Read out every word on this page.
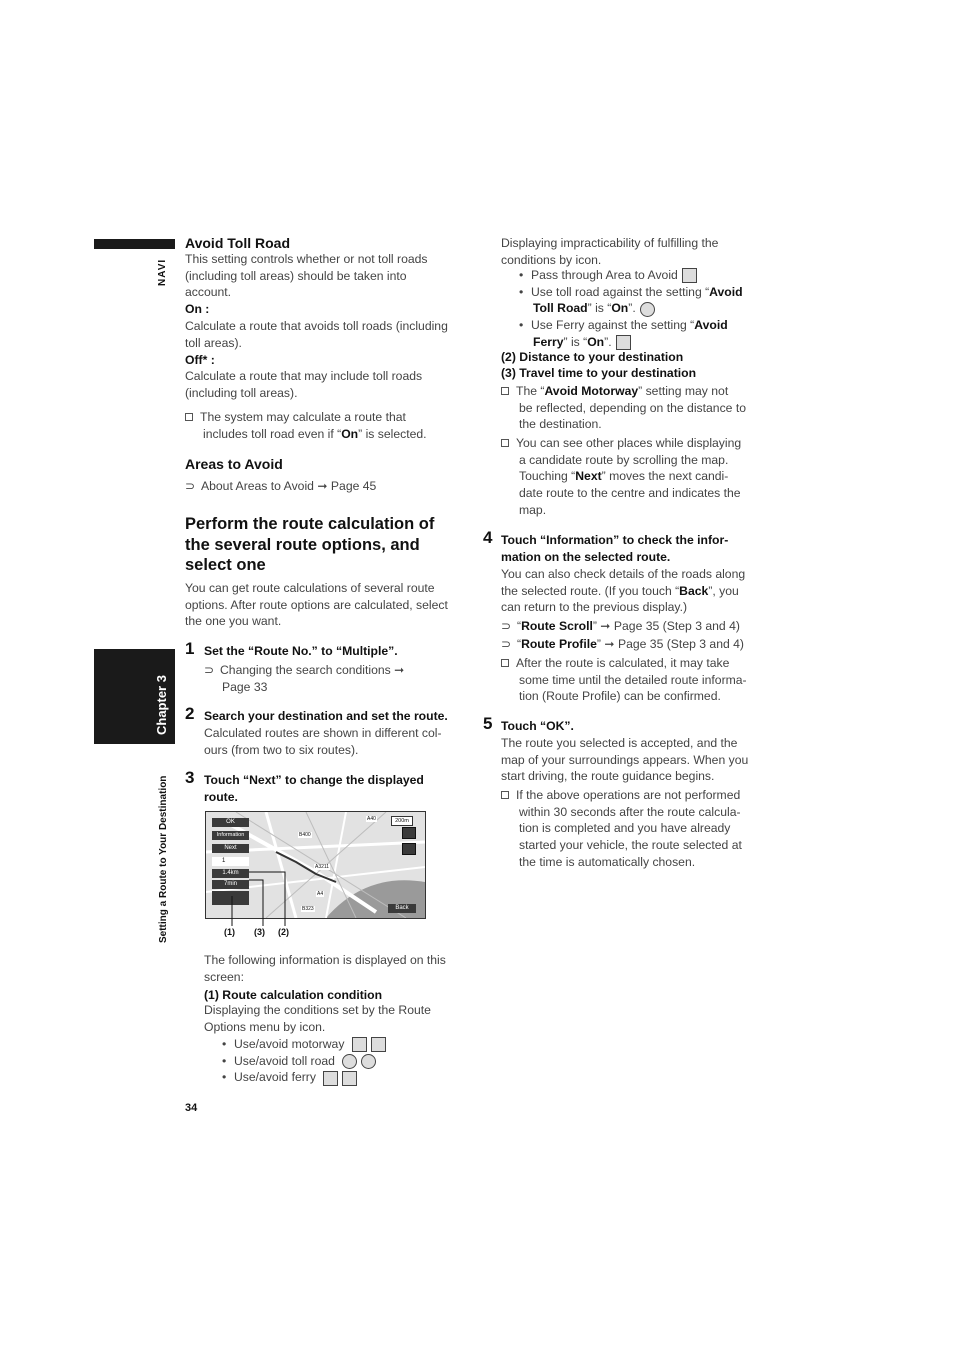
NAVI
Chapter 3
Setting a Route to Your Destination
Avoid Toll Road
This setting controls whether or not toll roads
(including toll areas) should be taken into
account.
On :
Calculate a route that avoids toll roads (including
toll areas).
Off* :
Calculate a route that may include toll roads
(including toll areas).
The system may calculate a route that
includes toll road even if “On” is selected.
Areas to Avoid
⊃ About Areas to Avoid ➞ Page 45
Perform the route calculation of
the several route options, and
select one
You can get route calculations of several route
options. After route options are calculated, select
the one you want.
1 Set the “Route No.” to “Multiple”.
⊃ Changing the search conditions ➞
Page 33
2 Search your destination and set the route.
Calculated routes are shown in different col-
ours (from two to six routes).
3 Touch “Next” to change the displayed
route.
OK
Information
Next
1
1.4km
7min
200m
Back
A40
B400
A3211
A4
B323
(1) (3) (2)
The following information is displayed on this
screen:
(1) Route calculation condition
Displaying the conditions set by the Route
Options menu by icon.
• Use/avoid motorway
• Use/avoid toll road
• Use/avoid ferry
34
Displaying impracticability of fulfilling the
conditions by icon.
• Pass through Area to Avoid
• Use toll road against the setting “Avoid
Toll Road” is “On”.
• Use Ferry against the setting “Avoid
Ferry” is “On”.
(2) Distance to your destination
(3) Travel time to your destination
The “Avoid Motorway” setting may not
be reflected, depending on the distance to
the destination.
You can see other places while displaying
a candidate route by scrolling the map.
Touching “Next” moves the next candi-
date route to the centre and indicates the
map.
4 Touch “Information” to check the infor-
mation on the selected route.
You can also check details of the roads along
the selected route. (If you touch “Back”, you
can return to the previous display.)
⊃ “Route Scroll” ➞ Page 35 (Step 3 and 4)
⊃ “Route Profile” ➞ Page 35 (Step 3 and 4)
After the route is calculated, it may take
some time until the detailed route informa-
tion (Route Profile) can be confirmed.
5 Touch “OK”.
The route you selected is accepted, and the
map of your surroundings appears. When you
start driving, the route guidance begins.
If the above operations are not performed
within 30 seconds after the route calcula-
tion is completed and you have already
started your vehicle, the route selected at
the time is automatically chosen.
